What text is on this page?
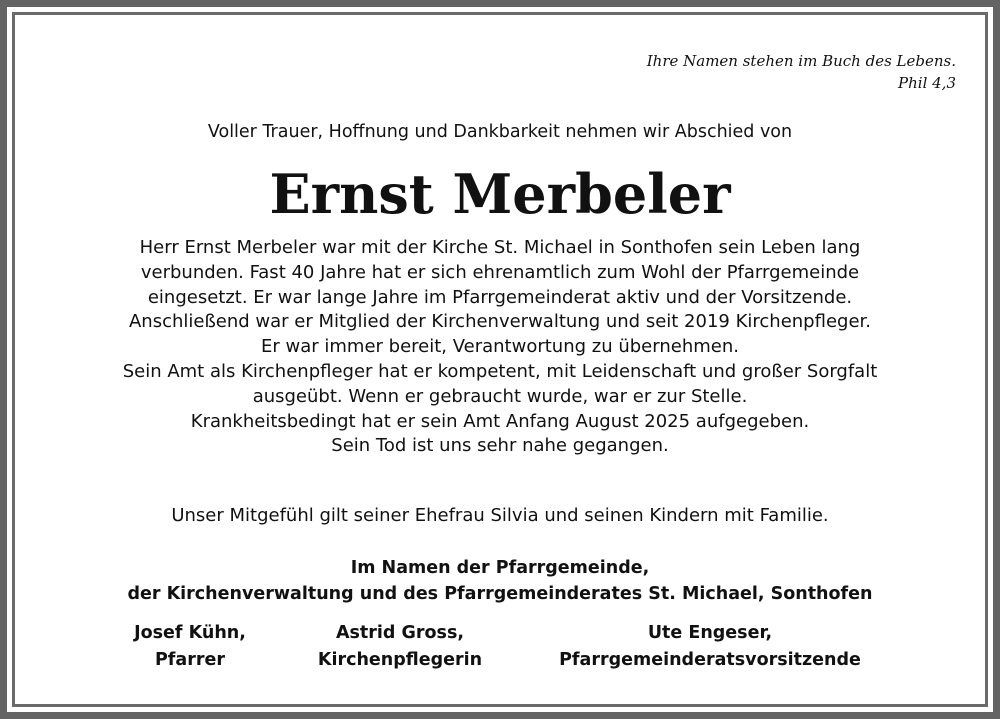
Ihre Namen stehen im Buch des Lebens.
Phil 4,3
Voller Trauer, Hoffnung und Dankbarkeit nehmen wir Abschied von
Ernst Merbeler
Herr Ernst Merbeler war mit der Kirche St. Michael in Sonthofen sein Leben lang
verbunden. Fast 40 Jahre hat er sich ehrenamtlich zum Wohl der Pfarrgemeinde
eingesetzt. Er war lange Jahre im Pfarrgemeinderat aktiv und der Vorsitzende.
Anschließend war er Mitglied der Kirchenverwaltung und seit 2019 Kirchenpfleger.
Er war immer bereit, Verantwortung zu übernehmen.
Sein Amt als Kirchenpfleger hat er kompetent, mit Leidenschaft und großer Sorgfalt
ausgeübt. Wenn er gebraucht wurde, war er zur Stelle.
Krankheitsbedingt hat er sein Amt Anfang August 2025 aufgegeben.
Sein Tod ist uns sehr nahe gegangen.
Unser Mitgefühl gilt seiner Ehefrau Silvia und seinen Kindern mit Familie.
Im Namen der Pfarrgemeinde,
der Kirchenverwaltung und des Pfarrgemeinderates St. Michael, Sonthofen
Josef Kühn,
Pfarrer
Astrid Gross,
Kirchenpflegerin
Ute Engeser,
Pfarrgemeinderatsvorsitzende
